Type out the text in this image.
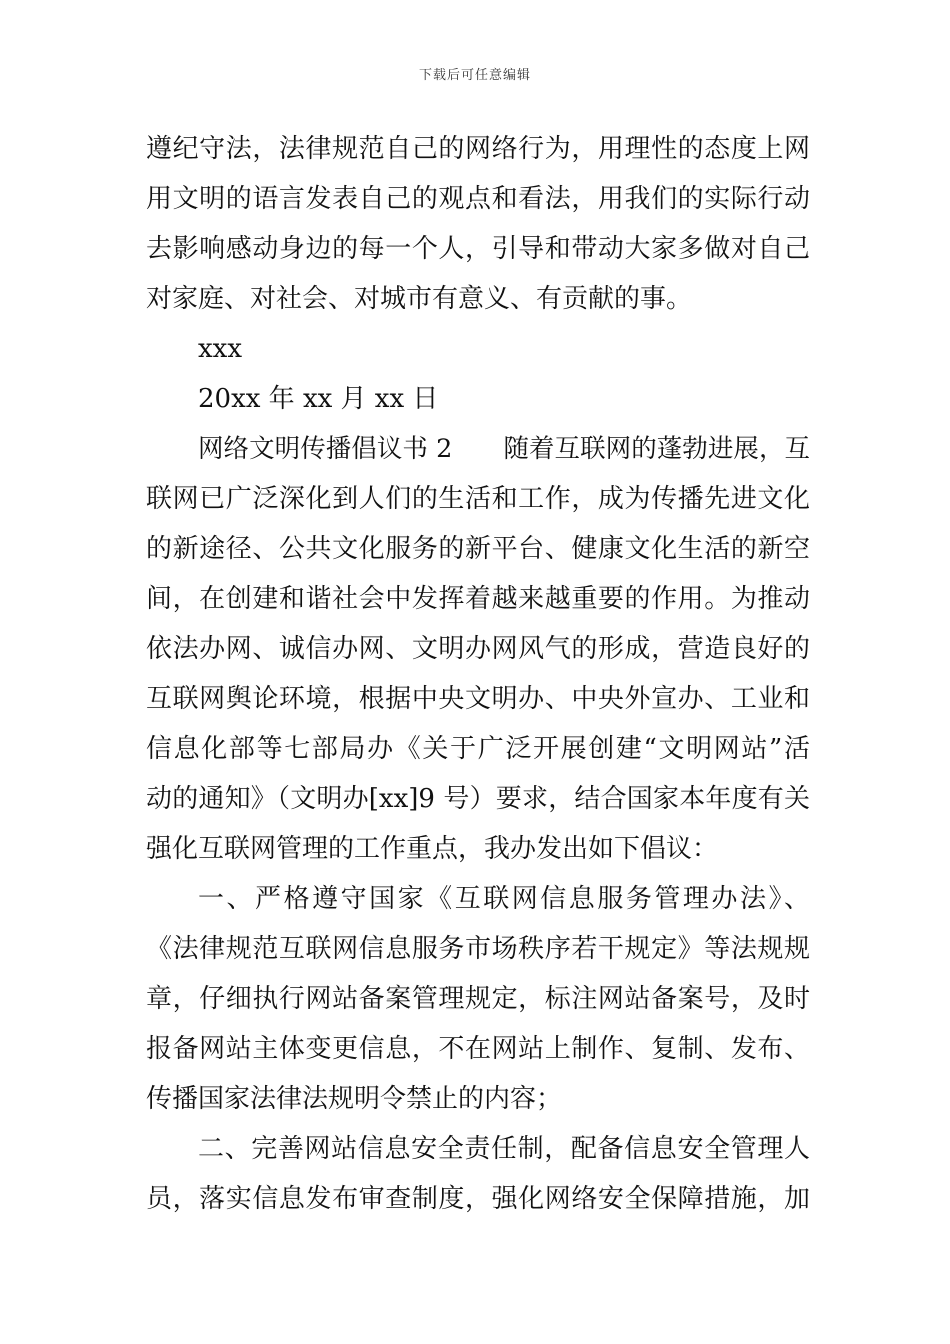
下载后可任意编辑
遵纪守法，法律规范自己的网络行为，用理性的态度上网
用文明的语言发表自己的观点和看法，用我们的实际行动
去影响感动身边的每一个人，引导和带动大家多做对自己
对家庭、对社会、对城市有意义、有贡献的事。
xxx
20xx 年 xx 月 xx 日
网络文明传播倡议书 2　　随着互联网的蓬勃进展，互
联网已广泛深化到人们的生活和工作，成为传播先进文化
的新途径、公共文化服务的新平台、健康文化生活的新空
间，在创建和谐社会中发挥着越来越重要的作用。为推动
依法办网、诚信办网、文明办网风气的形成，营造良好的
互联网舆论环境，根据中央文明办、中央外宣办、工业和
信息化部等七部局办《关于广泛开展创建“文明网站”活
动的通知》（文明办[xx]9 号）要求，结合国家本年度有关
强化互联网管理的工作重点，我办发出如下倡议：
一、严格遵守国家《互联网信息服务管理办法》、
《法律规范互联网信息服务市场秩序若干规定》等法规规
章，仔细执行网站备案管理规定，标注网站备案号，及时
报备网站主体变更信息，不在网站上制作、复制、发布、
传播国家法律法规明令禁止的内容；
二、完善网站信息安全责任制，配备信息安全管理人
员，落实信息发布审查制度，强化网络安全保障措施，加
